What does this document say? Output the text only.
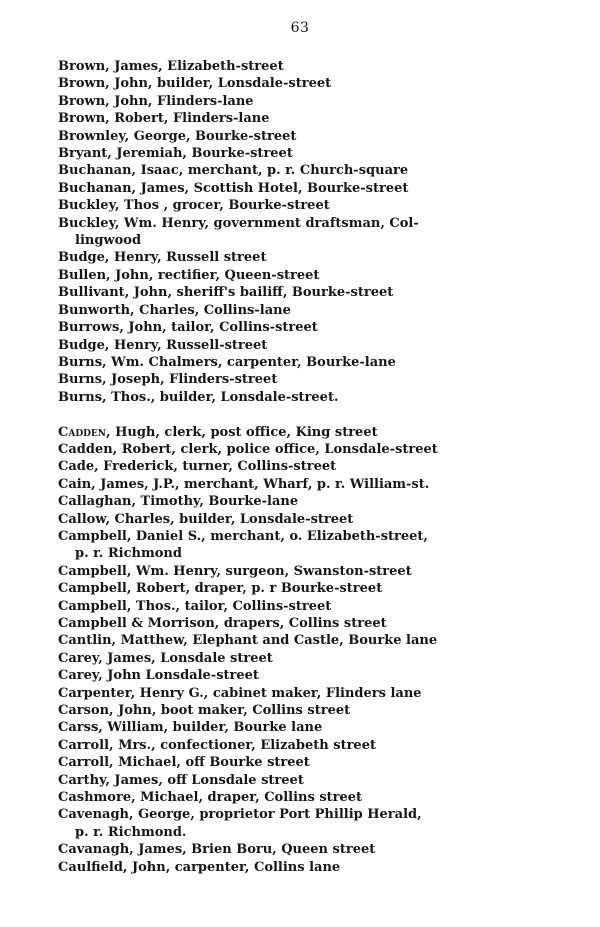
63
Brown, James, Elizabeth-street
Brown, John, builder, Lonsdale-street
Brown, John, Flinders-lane
Brown, Robert, Flinders-lane
Brownley, George, Bourke-street
Bryant, Jeremiah, Bourke-street
Buchanan, Isaac, merchant, p. r. Church-square
Buchanan, James, Scottish Hotel, Bourke-street
Buckley, Thos , grocer, Bourke-street
Buckley, Wm. Henry, government draftsman, Col-
lingwood
Budge, Henry, Russell street
Bullen, John, rectifier, Queen-street
Bullivant, John, sheriff's bailiff, Bourke-street
Bunworth, Charles, Collins-lane
Burrows, John, tailor, Collins-street
Budge, Henry, Russell-street
Burns, Wm. Chalmers, carpenter, Bourke-lane
Burns, Joseph, Flinders-street
Burns, Thos., builder, Lonsdale-street.
Cadden, Hugh, clerk, post office, King street
Cadden, Robert, clerk, police office, Lonsdale-street
Cade, Frederick, turner, Collins-street
Cain, James, J.P., merchant, Wharf, p. r. William-st.
Callaghan, Timothy, Bourke-lane
Callow, Charles, builder, Lonsdale-street
Campbell, Daniel S., merchant, o. Elizabeth-street,
p. r. Richmond
Campbell, Wm. Henry, surgeon, Swanston-street
Campbell, Robert, draper, p. r Bourke-street
Campbell, Thos., tailor, Collins-street
Campbell & Morrison, drapers, Collins street
Cantlin, Matthew, Elephant and Castle, Bourke lane
Carey, James, Lonsdale street
Carey, John Lonsdale-street
Carpenter, Henry G., cabinet maker, Flinders lane
Carson, John, boot maker, Collins street
Carss, William, builder, Bourke lane
Carroll, Mrs., confectioner, Elizabeth street
Carroll, Michael, off Bourke street
Carthy, James, off Lonsdale street
Cashmore, Michael, draper, Collins street
Cavenagh, George, proprietor Port Phillip Herald,
p. r. Richmond.
Cavanagh, James, Brien Boru, Queen street
Caulfield, John, carpenter, Collins lane
